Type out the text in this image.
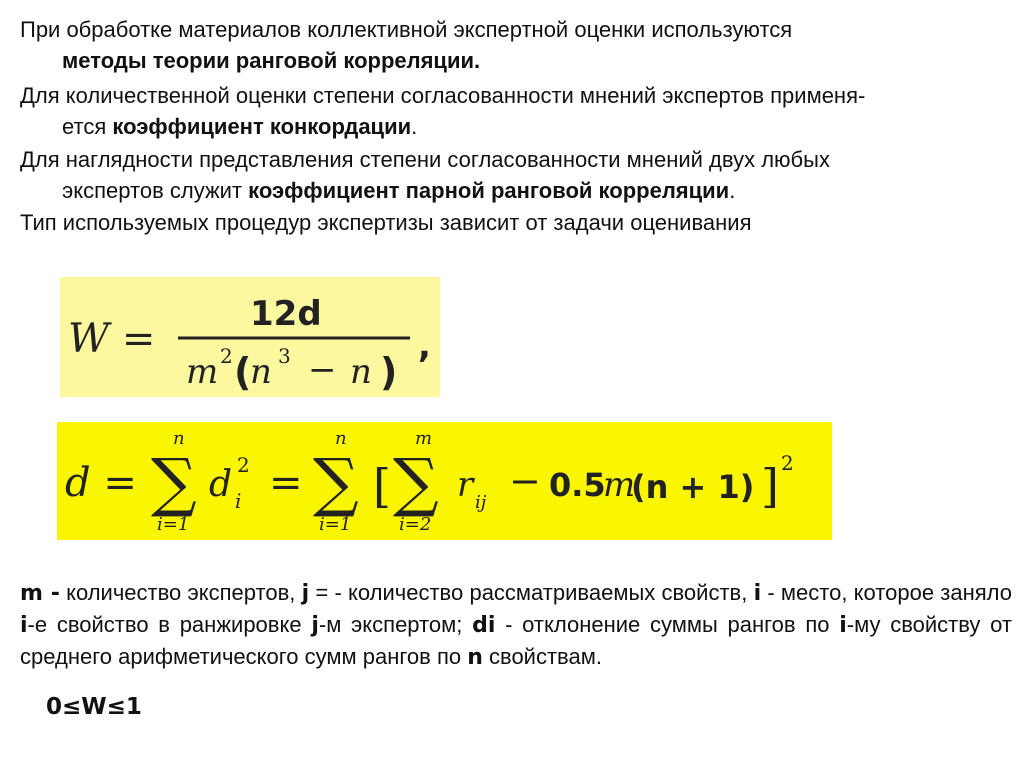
При обработке материалов коллективной экспертной оценки используются
методы теории ранговой корреляции.
Для количественной оценки степени согласованности мнений экспертов применя-
ется коэффициент конкордации.
Для наглядности представления степени согласованности мнений двух любых
экспертов служит коэффициент парной ранговой корреляции.
Тип используемых процедур экспертизы зависит от задачи оценивания
W =
12d
m 2 (
n 3 − n )
,
d =
n
∑
i=1
d i
2 =
n
∑
i=1
[
m
∑
i=2
r ij − 0.5
m
(n + 1) ] 2
m - количество экспертов, j = - количество рассматриваемых свойств, i - место, которое заняло i-е свойство в ранжировке j-м экспертом; di - отклонение суммы рангов по i-му свойству от среднего арифметического сумм рангов по n свойствам.
0≤W≤1
